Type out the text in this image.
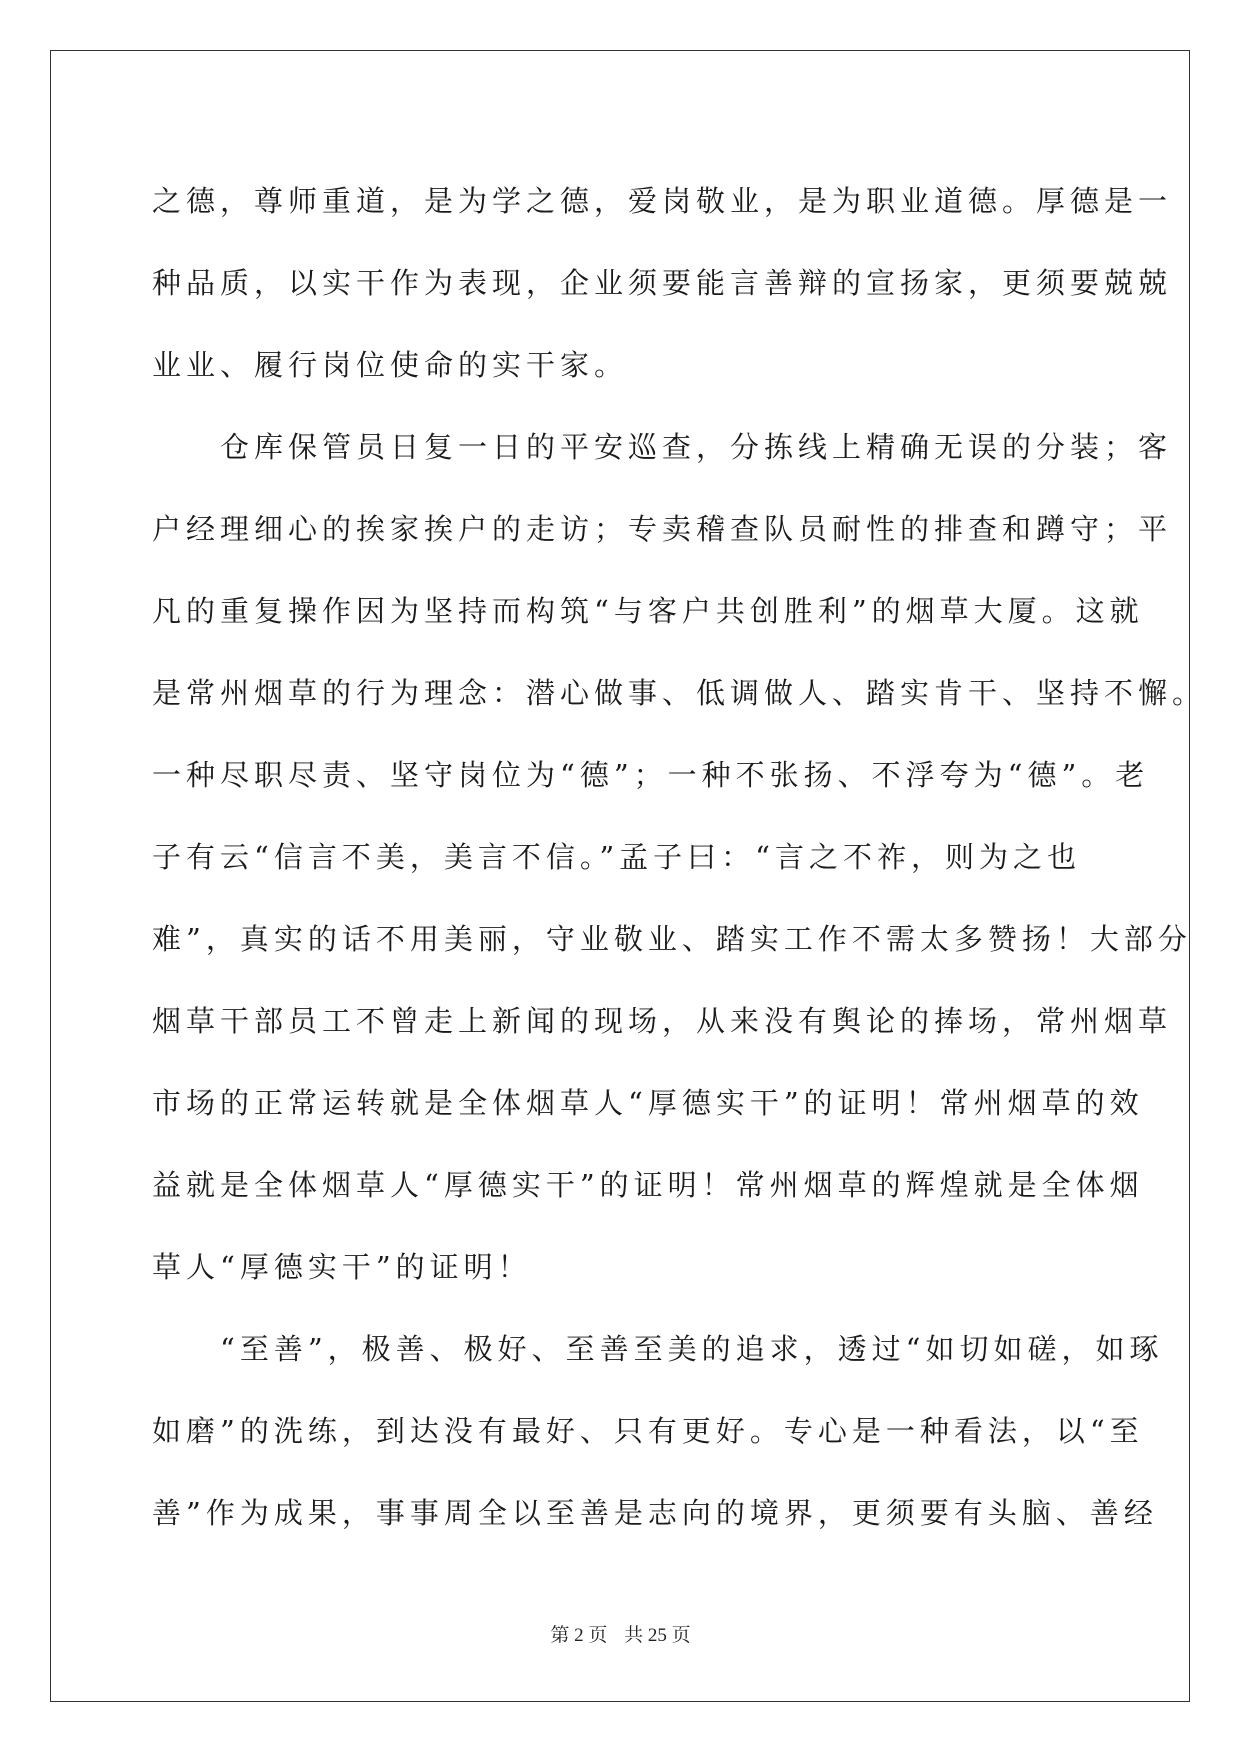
之德，尊师重道，是为学之德，爱岗敬业，是为职业道德。厚德是一
种品质，以实干作为表现，企业须要能言善辩的宣扬家，更须要兢兢
业业、履行岗位使命的实干家。
　　仓库保管员日复一日的平安巡查，分拣线上精确无误的分装；客
户经理细心的挨家挨户的走访；专卖稽查队员耐性的排查和蹲守；平
凡的重复操作因为坚持而构筑“与客户共创胜利”的烟草大厦。这就
是常州烟草的行为理念：潜心做事、低调做人、踏实肯干、坚持不懈。
一种尽职尽责、坚守岗位为“德”；一种不张扬、不浮夸为“德”。老
子有云“信言不美，美言不信。”孟子曰：“言之不祚，则为之也
难”，真实的话不用美丽，守业敬业、踏实工作不需太多赞扬！大部分
烟草干部员工不曾走上新闻的现场，从来没有舆论的捧场，常州烟草
市场的正常运转就是全体烟草人“厚德实干”的证明！常州烟草的效
益就是全体烟草人“厚德实干”的证明！常州烟草的辉煌就是全体烟
草人“厚德实干”的证明！
　　“至善”，极善、极好、至善至美的追求，透过“如切如磋，如琢
如磨”的洗练，到达没有最好、只有更好。专心是一种看法，以“至
善”作为成果，事事周全以至善是志向的境界，更须要有头脑、善经
第 2 页 共 25 页
